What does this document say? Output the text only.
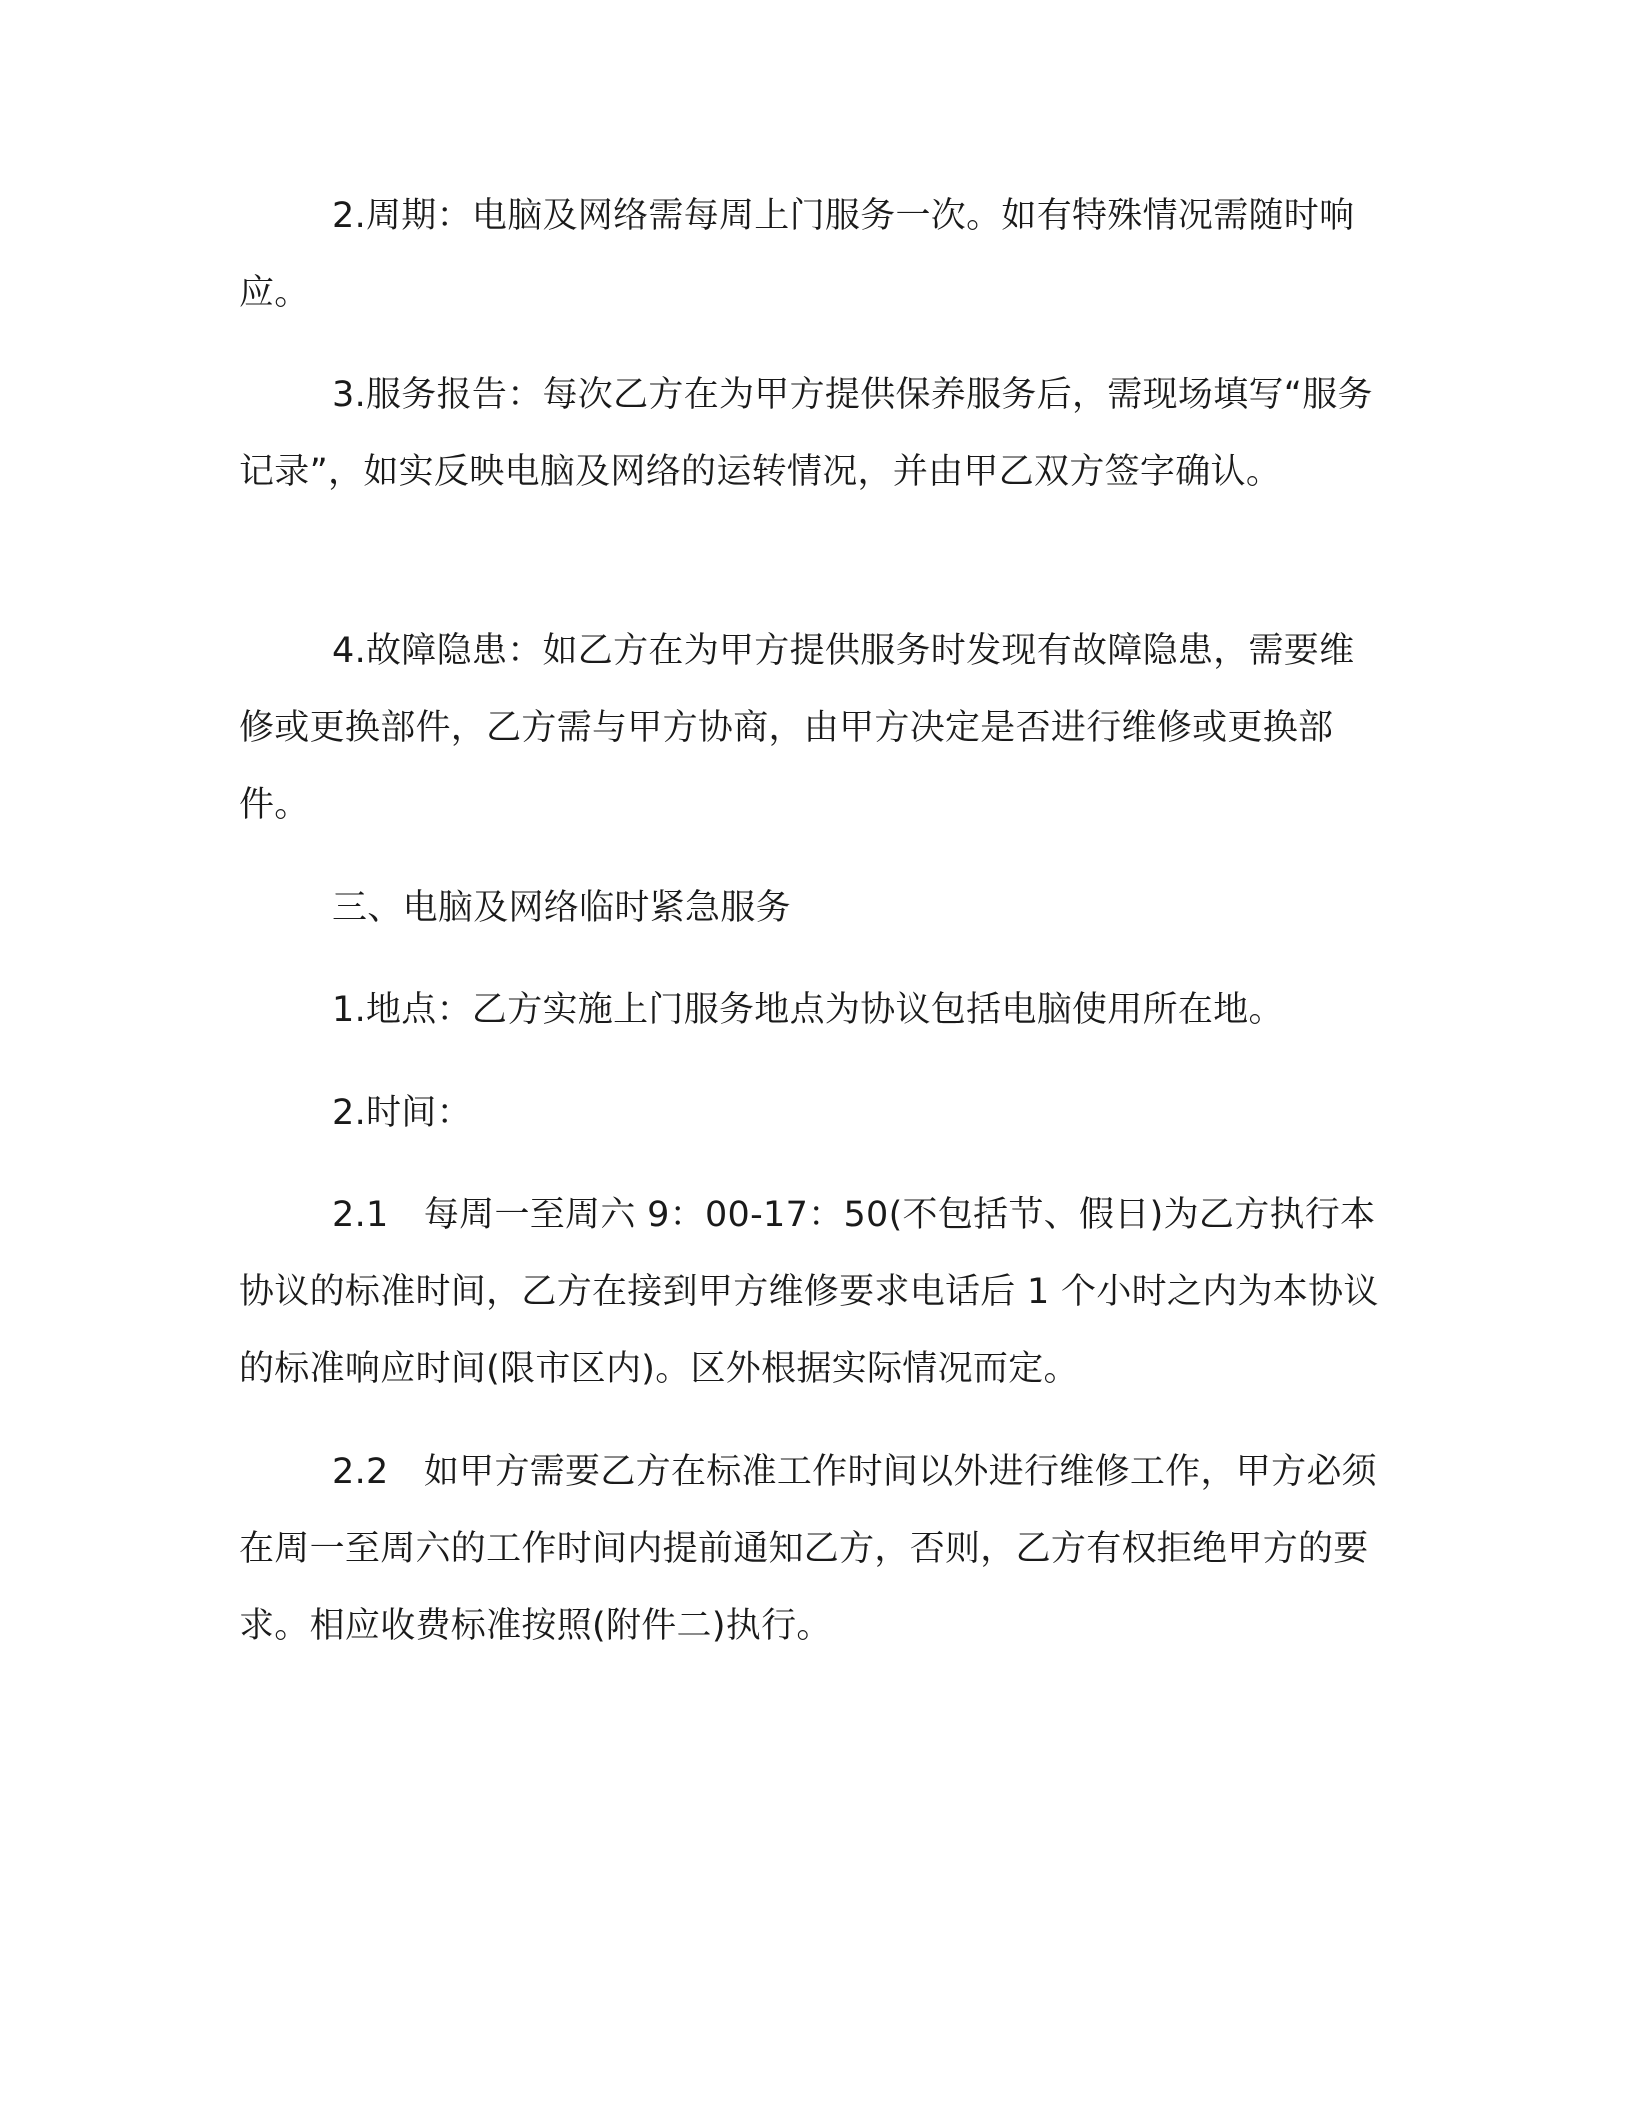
2.周期：电脑及网络需每周上门服务一次。如有特殊情况需随时响应。

3.服务报告：每次乙方在为甲方提供保养服务后，需现场填写“服务记录”，如实反映电脑及网络的运转情况，并由甲乙双方签字确认。

4.故障隐患：如乙方在为甲方提供服务时发现有故障隐患，需要维修或更换部件，乙方需与甲方协商，由甲方决定是否进行维修或更换部件。

三、电脑及网络临时紧急服务

1.地点：乙方实施上门服务地点为协议包括电脑使用所在地。

2.时间：

2.1　每周一至周六 9：00-17：50(不包括节、假日)为乙方执行本协议的标准时间，乙方在接到甲方维修要求电话后 1 个小时之内为本协议的标准响应时间(限市区内)。区外根据实际情况而定。

2.2　如甲方需要乙方在标准工作时间以外进行维修工作，甲方必须在周一至周六的工作时间内提前通知乙方，否则，乙方有权拒绝甲方的要求。相应收费标准按照(附件二)执行。
